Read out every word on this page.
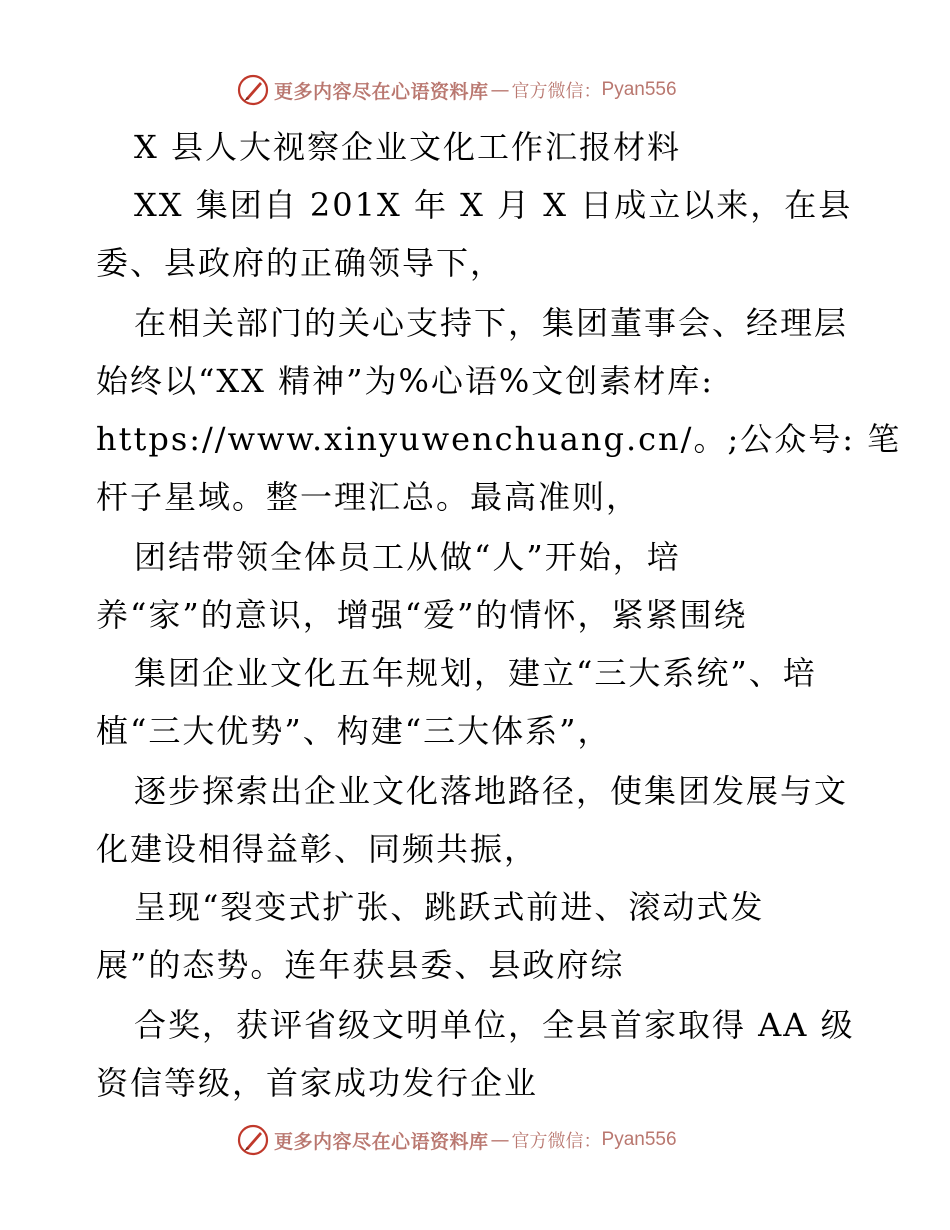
更多内容尽在心语资料库 — 官方微信： Pyan556
X 县人大视察企业文化工作汇报材料
XX 集团自 201X 年 X 月 X 日成立以来，在县
委、县政府的正确领导下，
在相关部门的关心支持下，集团董事会、经理层
始终以“XX 精神”为%心语%文创素材库:
https://www.xinyuwenchuang.cn/。;公众号: 笔
杆子星域。整一理汇总。最高准则，
团结带领全体员工从做“人”开始，培
养“家”的意识，增强“爱”的情怀，紧紧围绕
集团企业文化五年规划，建立“三大系统”、培
植“三大优势”、构建“三大体系”，
逐步探索出企业文化落地路径，使集团发展与文
化建设相得益彰、同频共振，
呈现“裂变式扩张、跳跃式前进、滚动式发
展”的态势。连年获县委、县政府综
合奖，获评省级文明单位，全县首家取得 AA 级
资信等级，首家成功发行企业
更多内容尽在心语资料库 — 官方微信： Pyan556
